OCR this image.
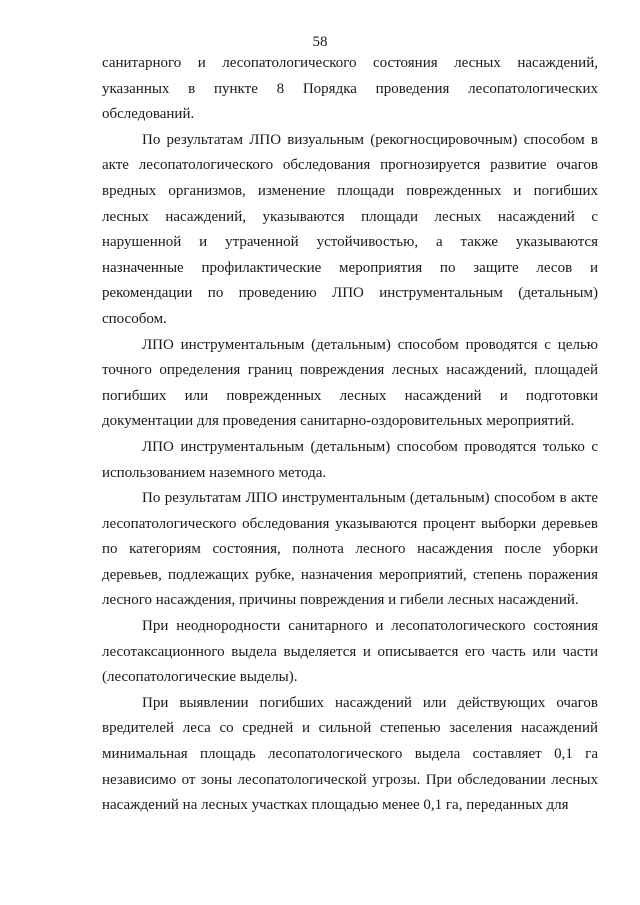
58

санитарного и лесопатологического состояния лесных насаждений, указанных в пункте 8 Порядка проведения лесопатологических обследований.

По результатам ЛПО визуальным (рекогносцировочным) способом в акте лесопатологического обследования прогнозируется развитие очагов вредных организмов, изменение площади поврежденных и погибших лесных насаждений, указываются площади лесных насаждений с нарушенной и утраченной устойчивостью, а также указываются назначенные профилактические мероприятия по защите лесов и рекомендации по проведению ЛПО инструментальным (детальным) способом.

ЛПО инструментальным (детальным) способом проводятся с целью точного определения границ повреждения лесных насаждений, площадей погибших или поврежденных лесных насаждений и подготовки документации для проведения санитарно-оздоровительных мероприятий.

ЛПО инструментальным (детальным) способом проводятся только с использованием наземного метода.

По результатам ЛПО инструментальным (детальным) способом в акте лесопатологического обследования указываются процент выборки деревьев по категориям состояния, полнота лесного насаждения после уборки деревьев, подлежащих рубке, назначения мероприятий, степень поражения лесного насаждения, причины повреждения и гибели лесных насаждений.

При неоднородности санитарного и лесопатологического состояния лесотаксационного выдела выделяется и описывается его часть или части (лесопатологические выделы).

При выявлении погибших насаждений или действующих очагов вредителей леса со средней и сильной степенью заселения насаждений минимальная площадь лесопатологического выдела составляет 0,1 га независимо от зоны лесопатологической угрозы. При обследовании лесных насаждений на лесных участках площадью менее 0,1 га, переданных для
